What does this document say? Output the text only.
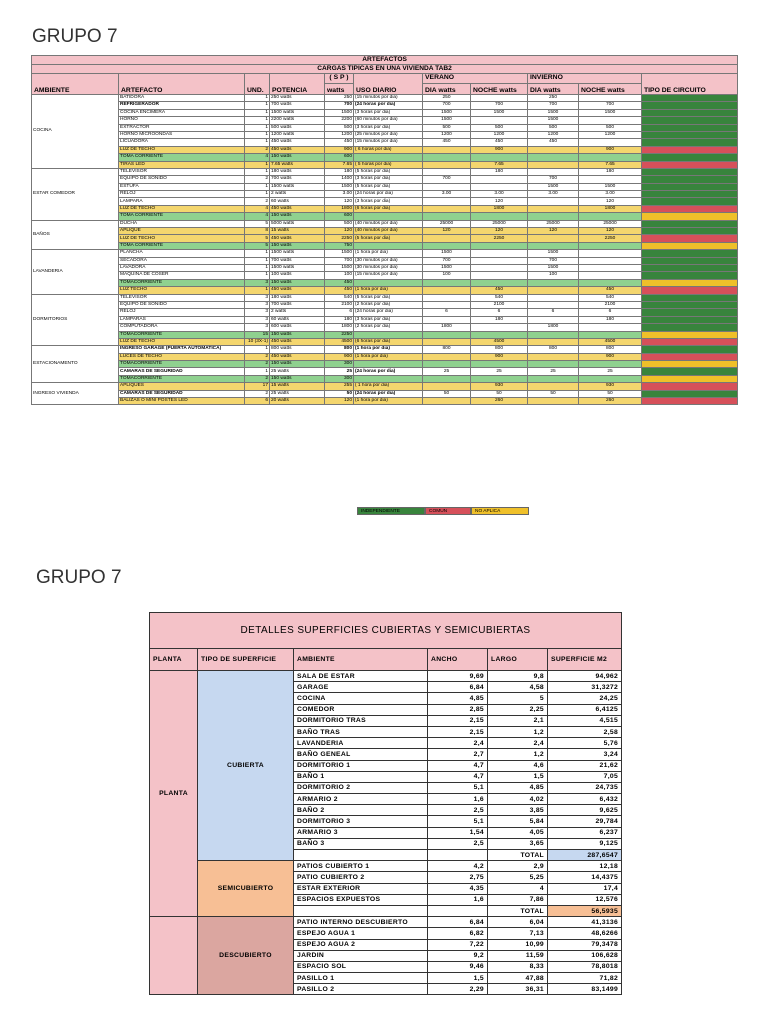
GRUPO 7
ARTEFACTOS										
CARGAS TIPICAS EN UNA VIVIENDA TAB2										
AMBIENTE	ARTEFACTO	UND.	POTENCIA	( S P )	USO DIARIO	VERANO		INVIERNO		TIPO DE CIRCUITO
				watts		DIA watts	NOCHE watts	DIA watts	NOCHE watts	
COCINA	BATIDORA	1	250 watts	250	(15 minutos por dia)	250		250		
	REFRIGERADOR	1	700 watts	700	(24 horas por dia)	700	700	700	700	
	COCINA ENCIMERA	1	1500 watts	1500	(3 horas por dia)	1500	1500	1500	1500	
	HORNO	1	2200 watts	2200	(60 minutos por dia)	1500		1500		
	EXTRACTOR	1	500 watts	500	(3 horas por dia)	500	500	500	500	
	HORNO MICROONDAS	1	1200 watts	1200	(25 minutos por dia)	1200	1200	1200	1200	
	LICUADORA	1	450 watts	450	(15 minutos por dia)	450	450	450		
	LUZ DE TECHO	2	450 watts	900	( 6 horas por dia)		900		900	
	TOMA CORRIENTE	4	150 watts	600						
	TIRAS LED	1	7.65 watts	7.65	( 5 horas por dia)		7.65		7.65	
ESTAR COMEDOR	TELEVISOR	1	180 watts	180	(5 horas por dia)		180		180	
	EQUIPO DE SONIDO	2	700 watts	1400	(3 horas por dia)	700		700		
	ESTUFA	1	1500 watts	1500	(5 horas por dia)			1500	1500	
	RELOJ	1	2 watts	3.00	(24 horas por dia)	3.00	3.00	3.00	3.00	
	LAMPARA	2	60 watts	120	(3 horas por dia)		120		120	
	LUZ DE TECHO	4	450 watts	1800	(6 horas por dia)		1800		1800	
	TOMA CORRIENTE	4	150 watts	600						
BAÑOS	DUCHA	5	5000 watts	500	(40 minutos por dia)	25000	25000	25000	25000	
	APLIQUE	8	15 watts	120	(40 minutos por dia)	120	120	120	120	
	LUZ DE TECHO	5	450 watts	2250	(5 horas por dia)		2250		2250	
	TOMA CORRIENTE	5	150 watts	750						
LAVANDERIA	PLANCHA	1	1500 watts	1500	(1 hora por dia)	1500		1500		
	SECADORA	1	700 watts	700	(30 minutos por dia)	700		700		
	LAVADORA	1	1500 watts	1500	(30 minutos por dia)	1500		1500		
	MAQUINA DE COSER	1	100 watts	100	(15 minutos por dia)	100		100		
	TOMACORRIENTE	3	150 watts	450						
	LUZ TECHO	1	450 watts	450	(1 hora por dia)		450		450	
DORMITORIOS	TELEVISOR	3	180 watts	540	(5 horas por dia)		540		540	
	EQUIPO DE SONIDO	3	700 watts	2100	(2 horas por dia)		2100		2100	
	RELOJ	3	2 watts	6	(24 horas por dia)	6	6	6	6	
	LAMPARAS	3	60 watts	180	(3 horas por dia)		180		180	
	COMPUTADORA	3	600 watts	1800	(2 horas por dia)	1800		1800		
	TOMACORRIENTE	15	150 watts	2250						
	LUZ DE TECHO	10 (3X-1)	450 watts	4500	(6 horas por dia)		4500		4500	
ESTACIONAMENTO	INGRESO GARAGE (PUERTA AUTOMATICA)	1	800 watts	800	(1 hora por dia)	800	800	800	800	
	LUCES DE TECHO	2	450 watts	900	(1 hora por dia)		900		900	
	TOMACORRIENTE	2	150 watts	300						
	CAMARAS DE SEGURIDAD	1	25 watts	25	(24 horas por dia)	25	25	25	25	
	TOMACORRIENTE	2	150 watts	300						
INGRESO VIVIENDA	APLIQUES	17	15 watts	255	( 1 hora por dia)		930		930	
	CAMARAS DE SEGURIDAD	2	25 watts	50	(24 horas por dia)	50	50	50	50	
	BALIZAS O MINI POSTES LED	6	20 watts	120	(1 hora por dia)		260		260	
INDEPENDIENTE	COMUN	NO APLICA
GRUPO 7
DETALLES SUPERFICIES CUBIERTAS Y SEMICUBIERTAS					
PLANTA	TIPO DE SUPERFICIE	AMBIENTE	ANCHO	LARGO	SUPERFICIE M2
PLANTA	CUBIERTA	SALA DE ESTAR	9,69	9,8	94,962
		GARAGE	6,84	4,58	31,3272
		COCINA	4,85	5	24,25
		COMEDOR	2,85	2,25	6,4125
		DORMITORIO TRAS	2,15	2,1	4,515
		BAÑO TRAS	2,15	1,2	2,58
		LAVANDERIA	2,4	2,4	5,76
		BAÑO GENEAL	2,7	1,2	3,24
		DORMITORIO 1	4,7	4,6	21,62
		BAÑO 1	4,7	1,5	7,05
		DORMITORIO 2	5,1	4,85	24,735
		ARMARIO 2	1,6	4,02	6,432
		BAÑO 2	2,5	3,85	9,625
		DORMITORIO 3	5,1	5,84	29,784
		ARMARIO 3	1,54	4,05	6,237
		BAÑO 3	2,5	3,65	9,125
				TOTAL	287,6547
	SEMICUBIERTO	PATIOS CUBIERTO 1	4,2	2,9	12,18
		PATIO CUBIERTO 2	2,75	5,25	14,4375
		ESTAR EXTERIOR	4,35	4	17,4
		ESPACIOS EXPUESTOS	1,6	7,86	12,576
				TOTAL	56,5935
	DESCUBIERTO	PATIO INTERNO DESCUBIERTO	6,84	6,04	41,3136
		ESPEJO AGUA 1	6,82	7,13	48,6266
		ESPEJO AGUA 2	7,22	10,99	79,3478
		JARDIN	9,2	11,59	106,628
		ESPACIO SOL	9,46	8,33	78,8018
		PASILLO 1	1,5	47,88	71,82
		PASILLO 2	2,29	36,31	83,1499
